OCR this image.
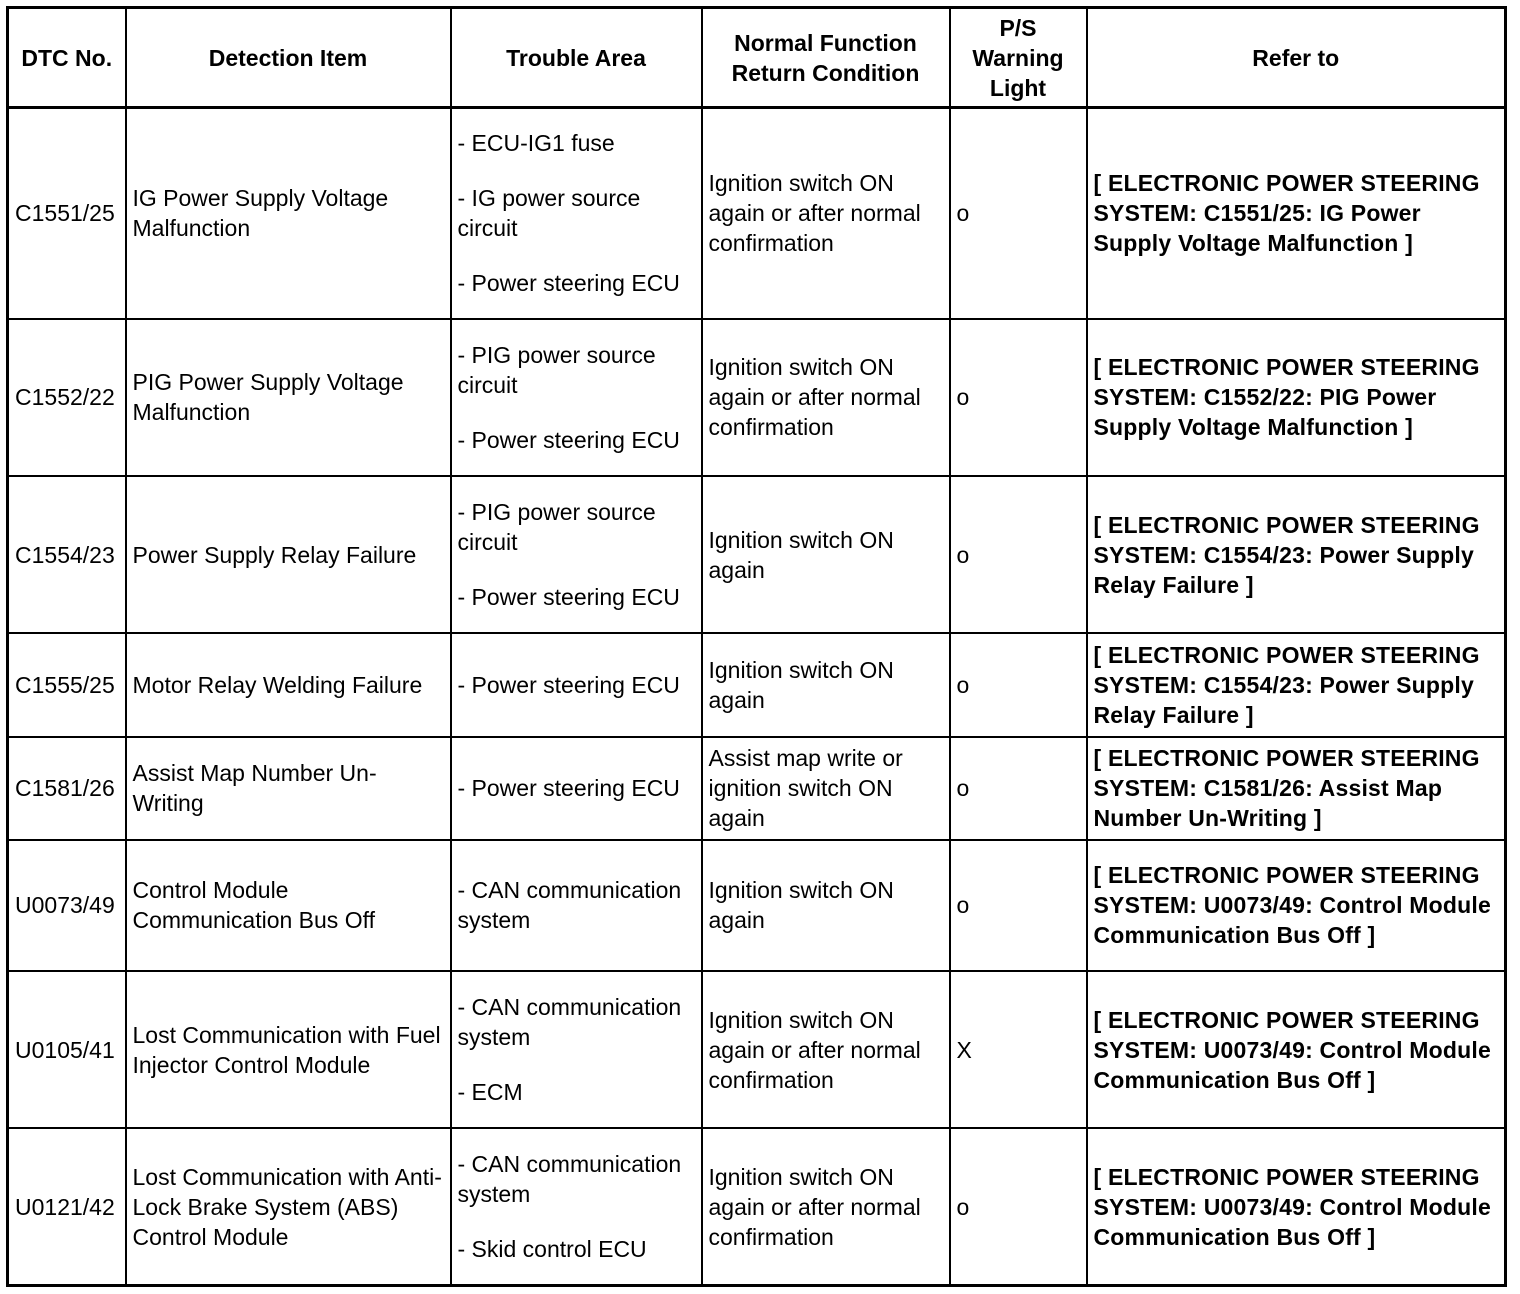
DTC No.	Detection Item	Trouble Area	Normal Function Return Condition	P/S Warning Light	Refer to
C1551/25	IG Power Supply Voltage Malfunction	- ECU-IG1 fuse
- IG power source circuit
- Power steering ECU	Ignition switch ON again or after normal confirmation	o	[ ELECTRONIC POWER STEERING SYSTEM: C1551/25: IG Power Supply Voltage Malfunction ]
C1552/22	PIG Power Supply Voltage Malfunction	- PIG power source circuit
- Power steering ECU	Ignition switch ON again or after normal confirmation	o	[ ELECTRONIC POWER STEERING SYSTEM: C1552/22: PIG Power Supply Voltage Malfunction ]
C1554/23	Power Supply Relay Failure	- PIG power source circuit
- Power steering ECU	Ignition switch ON again	o	[ ELECTRONIC POWER STEERING SYSTEM: C1554/23: Power Supply Relay Failure ]
C1555/25	Motor Relay Welding Failure	- Power steering ECU	Ignition switch ON again	o	[ ELECTRONIC POWER STEERING SYSTEM: C1554/23: Power Supply Relay Failure ]
C1581/26	Assist Map Number Un-Writing	- Power steering ECU	Assist map write or ignition switch ON again	o	[ ELECTRONIC POWER STEERING SYSTEM: C1581/26: Assist Map Number Un-Writing ]
U0073/49	Control Module Communication Bus Off	- CAN communication system	Ignition switch ON again	o	[ ELECTRONIC POWER STEERING SYSTEM: U0073/49: Control Module Communication Bus Off ]
U0105/41	Lost Communication with Fuel Injector Control Module	- CAN communication system
- ECM	Ignition switch ON again or after normal confirmation	X	[ ELECTRONIC POWER STEERING SYSTEM: U0073/49: Control Module Communication Bus Off ]
U0121/42	Lost Communication with Anti-Lock Brake System (ABS) Control Module	- CAN communication system
- Skid control ECU	Ignition switch ON again or after normal confirmation	o	[ ELECTRONIC POWER STEERING SYSTEM: U0073/49: Control Module Communication Bus Off ]
